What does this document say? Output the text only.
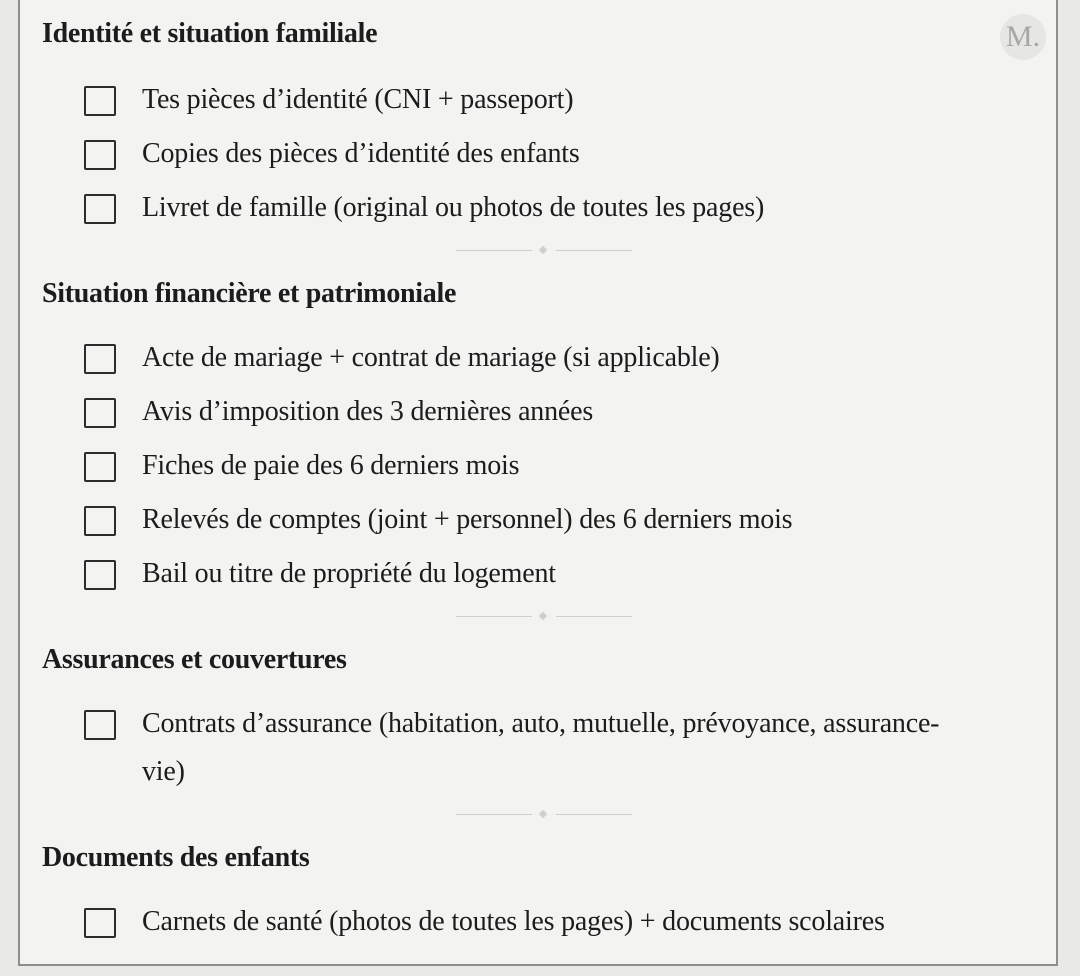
M.
Identité et situation familiale
Tes pièces d’identité (CNI + passeport)
Copies des pièces d’identité des enfants
Livret de famille (original ou photos de toutes les pages)
Situation financière et patrimoniale
Acte de mariage + contrat de mariage (si applicable)
Avis d’imposition des 3 dernières années
Fiches de paie des 6 derniers mois
Relevés de comptes (joint + personnel) des 6 derniers mois
Bail ou titre de propriété du logement
Assurances et couvertures
Contrats d’assurance (habitation, auto, mutuelle, prévoyance, assurance-vie)
Documents des enfants
Carnets de santé (photos de toutes les pages) + documents scolaires
